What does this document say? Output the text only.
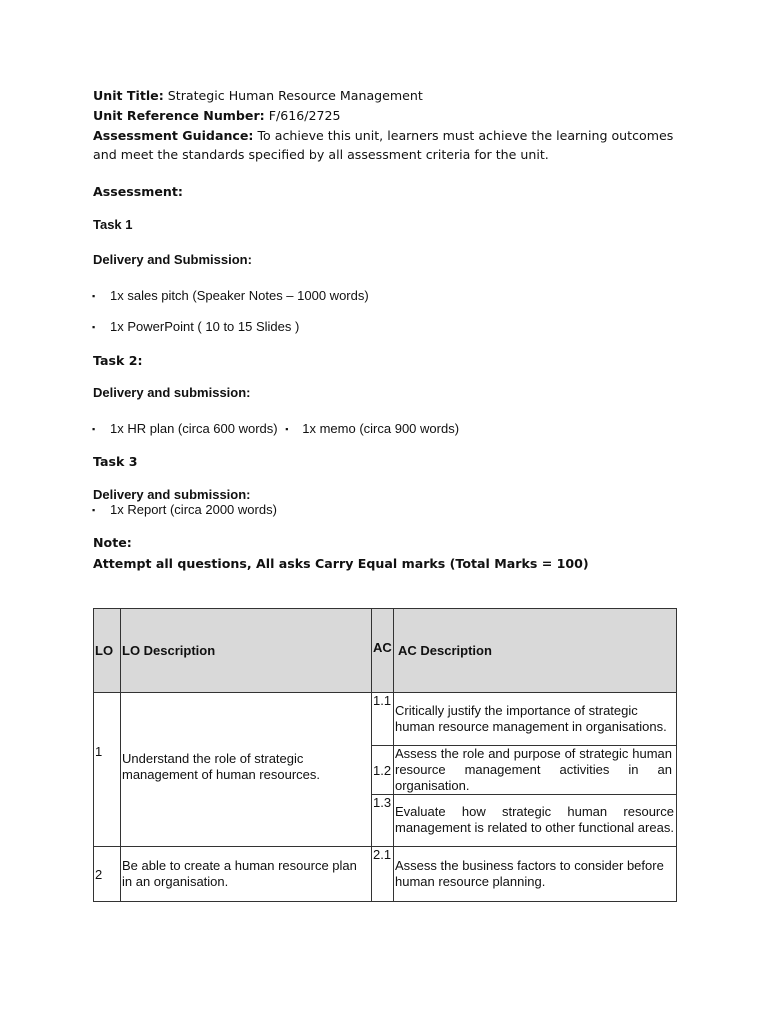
Unit Title: Strategic Human Resource Management
Unit Reference Number: F/616/2725
Assessment Guidance: To achieve this unit, learners must achieve the learning outcomes
and meet the standards specified by all assessment criteria for the unit.
Assessment:
Task 1
Delivery and Submission:
▪ 1x sales pitch (Speaker Notes – 1000 words)
▪ 1x PowerPoint ( 10 to 15 Slides )
Task 2:
Delivery and submission:
▪ 1x HR plan (circa 600 words) ▪ 1x memo (circa 900 words)
Task 3
Delivery and submission:
▪ 1x Report (circa 2000 words)
Note:
Attempt all questions, All asks Carry Equal marks (Total Marks = 100)
LO	LO Description	AC	AC Description

1	Understand the role of strategic management of human resources.	1.1	Critically justify the importance of strategic human resource management in organisations.

		1.2	Assess the role and purpose of strategic human resource management activities in an organisation.

		1.3	Evaluate how strategic human resource management is related to other functional areas.

2	Be able to create a human resource plan in an organisation.	2.1	Assess the business factors to consider before human resource planning.
